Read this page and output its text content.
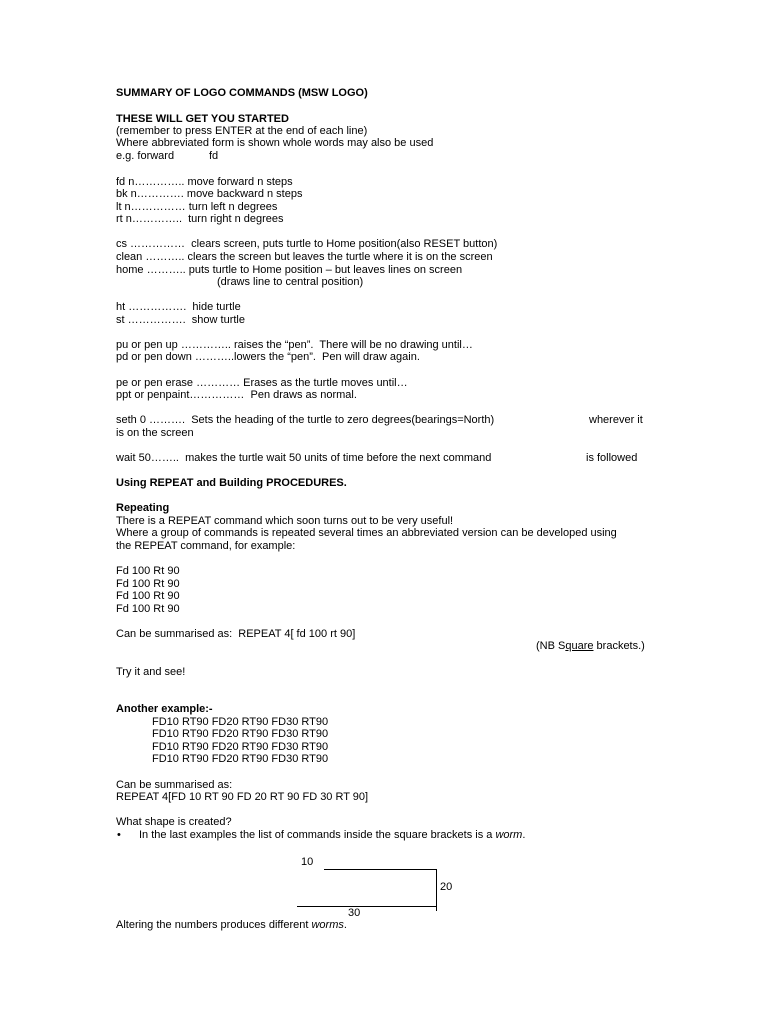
SUMMARY OF LOGO COMMANDS (MSW LOGO)
THESE WILL GET YOU STARTED
(remember to press ENTER at the end of each line)
Where abbreviated form is shown whole words may also be used
e.g. forward	fd
fd n………….. move forward n steps
bk n…………. move backward n steps
lt n…………… turn left n degrees
rt n…………..  turn right n degrees
cs ……………  clears screen, puts turtle to Home position(also RESET button)
clean ……….. clears the screen but leaves the turtle where it is on the screen
home ……….. puts turtle to Home position – but leaves lines on screen
(draws line to central position)
ht …………….  hide turtle
st …………….  show turtle
pu or pen up ………….. raises the “pen”.  There will be no drawing until…
pd or pen down ………..lowers the “pen”.  Pen will draw again.
pe or pen erase ………… Erases as the turtle moves until…
ppt or penpaint……………  Pen draws as normal.
seth 0 ……….  Sets the heading of the turtle to zero degrees(bearings=North)	wherever it
is on the screen
wait 50……..  makes the turtle wait 50 units of time before the next command	is followed
Using REPEAT and Building PROCEDURES.
Repeating
There is a REPEAT command which soon turns out to be very useful!
Where a group of commands is repeated several times an abbreviated version can be developed using
the REPEAT command, for example:
Fd 100 Rt 90
Fd 100 Rt 90
Fd 100 Rt 90
Fd 100 Rt 90
Can be summarised as:  REPEAT 4[ fd 100 rt 90]
(NB Square brackets.)
Try it and see!
Another example:-
FD10 RT90 FD20 RT90 FD30 RT90
FD10 RT90 FD20 RT90 FD30 RT90
FD10 RT90 FD20 RT90 FD30 RT90
FD10 RT90 FD20 RT90 FD30 RT90
Can be summarised as:
REPEAT 4[FD 10 RT 90 FD 20 RT 90 FD 30 RT 90]
What shape is created?
• In the last examples the list of commands inside the square brackets is a worm.
10
20
30
Altering the numbers produces different worms.
